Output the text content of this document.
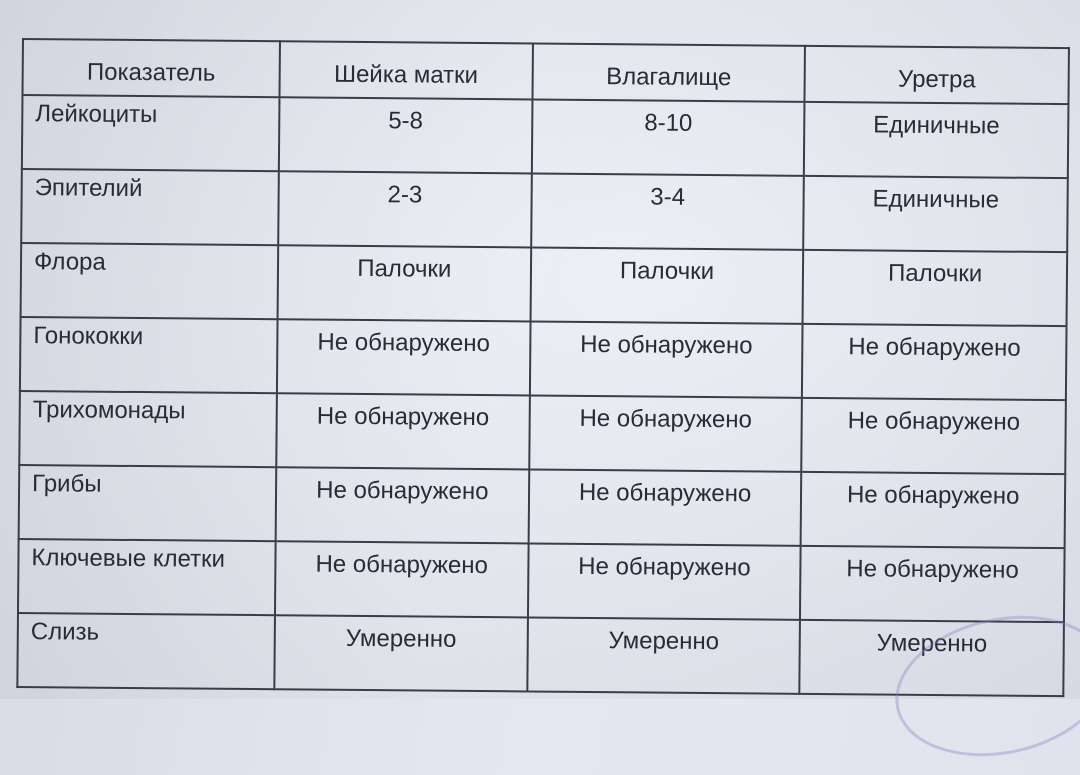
Показатель	Шейка матки	Влагалище	Уретра
Лейкоциты	5-8	8-10	Единичные
Эпителий	2-3	3-4	Единичные
Флора	Палочки	Палочки	Палочки
Гонококки	Не обнаружено	Не обнаружено	Не обнаружено
Трихомонады	Не обнаружено	Не обнаружено	Не обнаружено
Грибы	Не обнаружено	Не обнаружено	Не обнаружено
Ключевые клетки	Не обнаружено	Не обнаружено	Не обнаружено
Слизь	Умеренно	Умеренно	Умеренно
